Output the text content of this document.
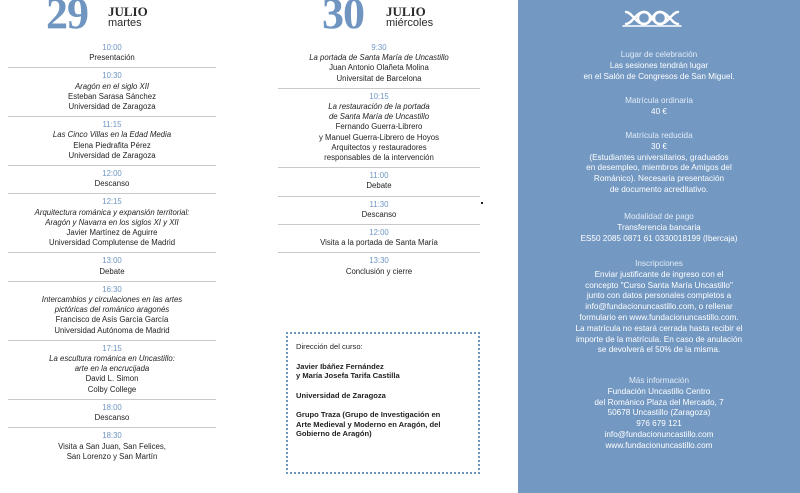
29 JULIO
martes
10:00
Presentación
10:30
Aragón en el siglo XII
Esteban Sarasa Sánchez
Universidad de Zaragoza
11:15
Las Cinco Villas en la Edad Media
Elena Piedrafita Pérez
Universidad de Zaragoza
12:00
Descanso
12:15
Arquitectura románica y expansión territorial:
Aragón y Navarra en los siglos XI y XII
Javier Martínez de Aguirre
Universidad Complutense de Madrid
13:00
Debate
16:30
Intercambios y circulaciones en las artes
pictóricas del románico aragonés
Francisco de Asís García García
Universidad Autónoma de Madrid
17:15
La escultura románica en Uncastillo:
arte en la encrucijada
David L. Simon
Colby College
18:00
Descanso
18:30
Visita a San Juan, San Felices,
San Lorenzo y San Martín
30 JULIO
miércoles
9:30
La portada de Santa María de Uncastillo
Juan Antonio Olañeta Molina
Universitat de Barcelona
10:15
La restauración de la portada
de Santa María de Uncastillo
Fernando Guerra-Librero
y Manuel Guerra-Librero de Hoyos
Arquitectos y restauradores
responsables de la intervención
11:00
Debate
11:30
Descanso
12:00
Visita a la portada de Santa María
13:30
Conclusión y cierre

Dirección del curso:

Javier Ibáñez Fernández
y María Josefa Tarifa Castilla

Universidad de Zaragoza

Grupo Traza (Grupo de Investigación en
Arte Medieval y Moderno en Aragón, del
Gobierno de Aragón)

Lugar de celebración
Las sesiones tendrán lugar
en el Salón de Congresos de San Miguel.
Matrícula ordinaria
40 €
Matrícula reducida
30 €
(Estudiantes universitarios, graduados
en desempleo, miembros de Amigos del
Románico). Necesaria presentación
de documento acreditativo.
Modalidad de pago
Transferencia bancaria
ES50 2085 0871 61 0330018199 (Ibercaja)
Inscripciones
Enviar justificante de ingreso con el
concepto "Curso Santa María Uncastillo"
junto con datos personales completos a
info@fundacionuncastillo.com, o rellenar
formulario en www.fundacionuncastillo.com.
La matrícula no estará cerrada hasta recibir el
importe de la matrícula. En caso de anulación
se devolverá el 50% de la misma.
Más información
Fundación Uncastillo Centro
del Románico Plaza del Mercado, 7
50678 Uncastillo (Zaragoza)
976 679 121
info@fundacionuncastillo.com
www.fundacionuncastillo.com
